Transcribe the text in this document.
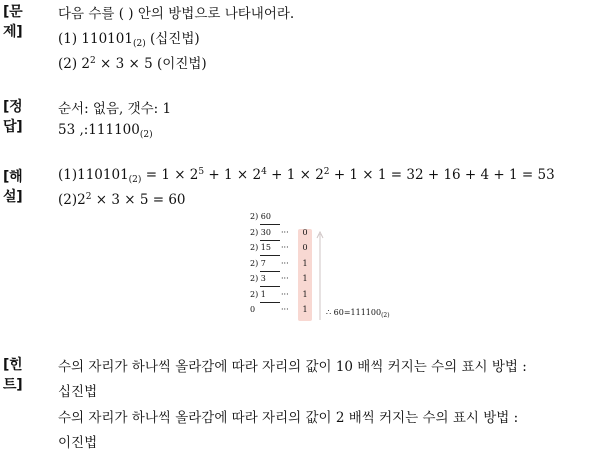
[문제]
다음 수를 ( ) 안의 방법으로 나타내어라.
(1) $110101_{(2)}$ (십진법)
(2) $2^2 \times 3 \times 5$ (이진법)
[정답]
순서: 없음, 갯수: 1
53 $,:111100_{(2)}$
[해설]
$(1)110101_{(2)} = 1 \times 2^5 + 1 \times 2^4 + 1 \times 2^2 + 1 \times 1 = 32 + 16 + 4 + 1 = 53$
$(2)2^2 \times 3 \times 5 = 60$
2) 60
2) 30	··· 0
2) 15	··· 0
2) 7	··· 1
2) 3	··· 1
2) 1	··· 1
0	··· 1 ∴ $60=111100_{(2)}$
[힌트]
수의 자리가 하나씩 올라감에 따라 자리의 값이 10 배씩 커지는 수의 표시 방법 :
십진법
수의 자리가 하나씩 올라감에 따라 자리의 값이 2 배씩 커지는 수의 표시 방법 :
이진법
